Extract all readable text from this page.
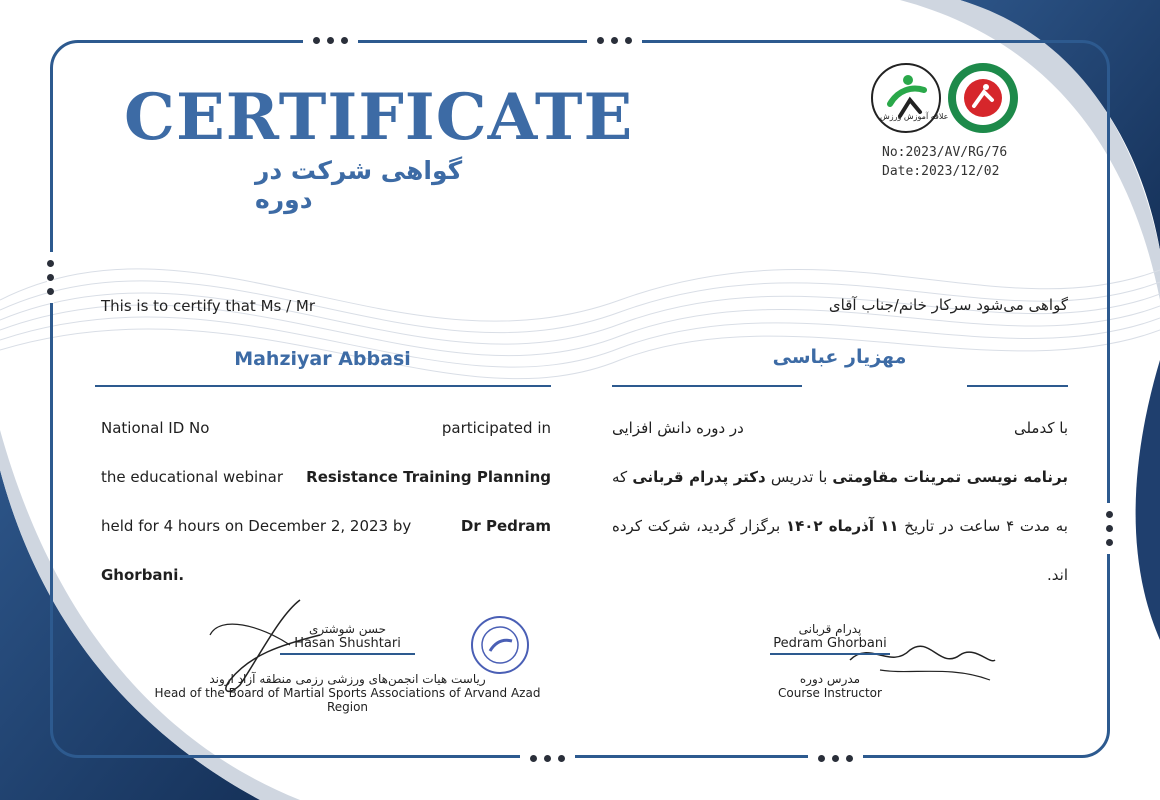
CERTIFICATE
گواهی شرکت در دوره
علاقه آموزش ورزش
No:2023/AV/RG/76
Date:2023/12/02
This is to certify that Ms / Mr
Mahziyar Abbasi
National ID No	participated in
the educational webinar Resistance Training Planning
held for 4 hours on December 2, 2023 by	Dr Pedram
Ghorbani.
گواهی می‌شود سرکار خانم/جناب آقای
مهزیار عباسی
با کدملی
در دوره دانش افزایی
برنامه نویسی تمرینات مقاومتی با تدریس دکتر پدرام قربانی که به مدت ۴ ساعت در تاریخ ۱۱ آذرماه ۱۴۰۲ برگزار گردید، شرکت کرده اند.
حسن شوشتری
Hasan Shushtari
ریاست هیات انجمن‌های ورزشی رزمی منطقه آزاد اروند
Head of the Board of Martial Sports Associations of Arvand Azad Region
پدرام قربانی
Pedram Ghorbani
مدرس دوره
Course Instructor
